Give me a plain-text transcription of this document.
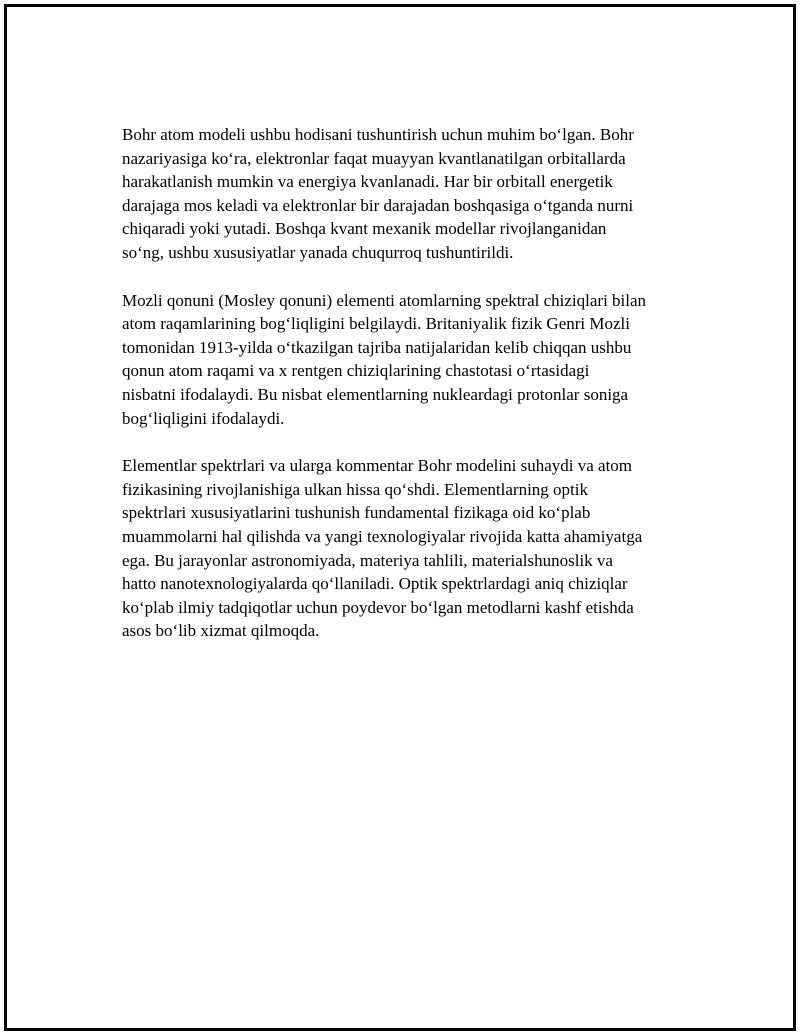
Bohr atom modeli ushbu hodisani tushuntirish uchun muhim boʻlgan. Bohr
nazariyasiga koʻra, elektronlar faqat muayyan kvantlanatilgan orbitallarda
harakatlanish mumkin va energiya kvanlanadi. Har bir orbitall energetik
darajaga mos keladi va elektronlar bir darajadan boshqasiga oʻtganda nurni
chiqaradi yoki yutadi. Boshqa kvant mexanik modellar rivojlanganidan
soʻng, ushbu xususiyatlar yanada chuqurroq tushuntirildi.

Mozli qonuni (Mosley qonuni) elementi atomlarning spektral chiziqlari bilan
atom raqamlarining bogʻliqligini belgilaydi. Britaniyalik fizik Genri Mozli
tomonidan 1913-yilda oʻtkazilgan tajriba natijalaridan kelib chiqqan ushbu
qonun atom raqami va x rentgen chiziqlarining chastotasi oʻrtasidagi
nisbatni ifodalaydi. Bu nisbat elementlarning nukleardagi protonlar soniga
bogʻliqligini ifodalaydi.

Elementlar spektrlari va ularga kommentar Bohr modelini suhaydi va atom
fizikasining rivojlanishiga ulkan hissa qoʻshdi. Elementlarning optik
spektrlari xususiyatlarini tushunish fundamental fizikaga oid koʻplab
muammolarni hal qilishda va yangi texnologiyalar rivojida katta ahamiyatga
ega. Bu jarayonlar astronomiyada, materiya tahlili, materialshunoslik va
hatto nanotexnologiyalarda qoʻllaniladi. Optik spektrlardagi aniq chiziqlar
koʻplab ilmiy tadqiqotlar uchun poydevor boʻlgan metodlarni kashf etishda
asos boʻlib xizmat qilmoqda.
